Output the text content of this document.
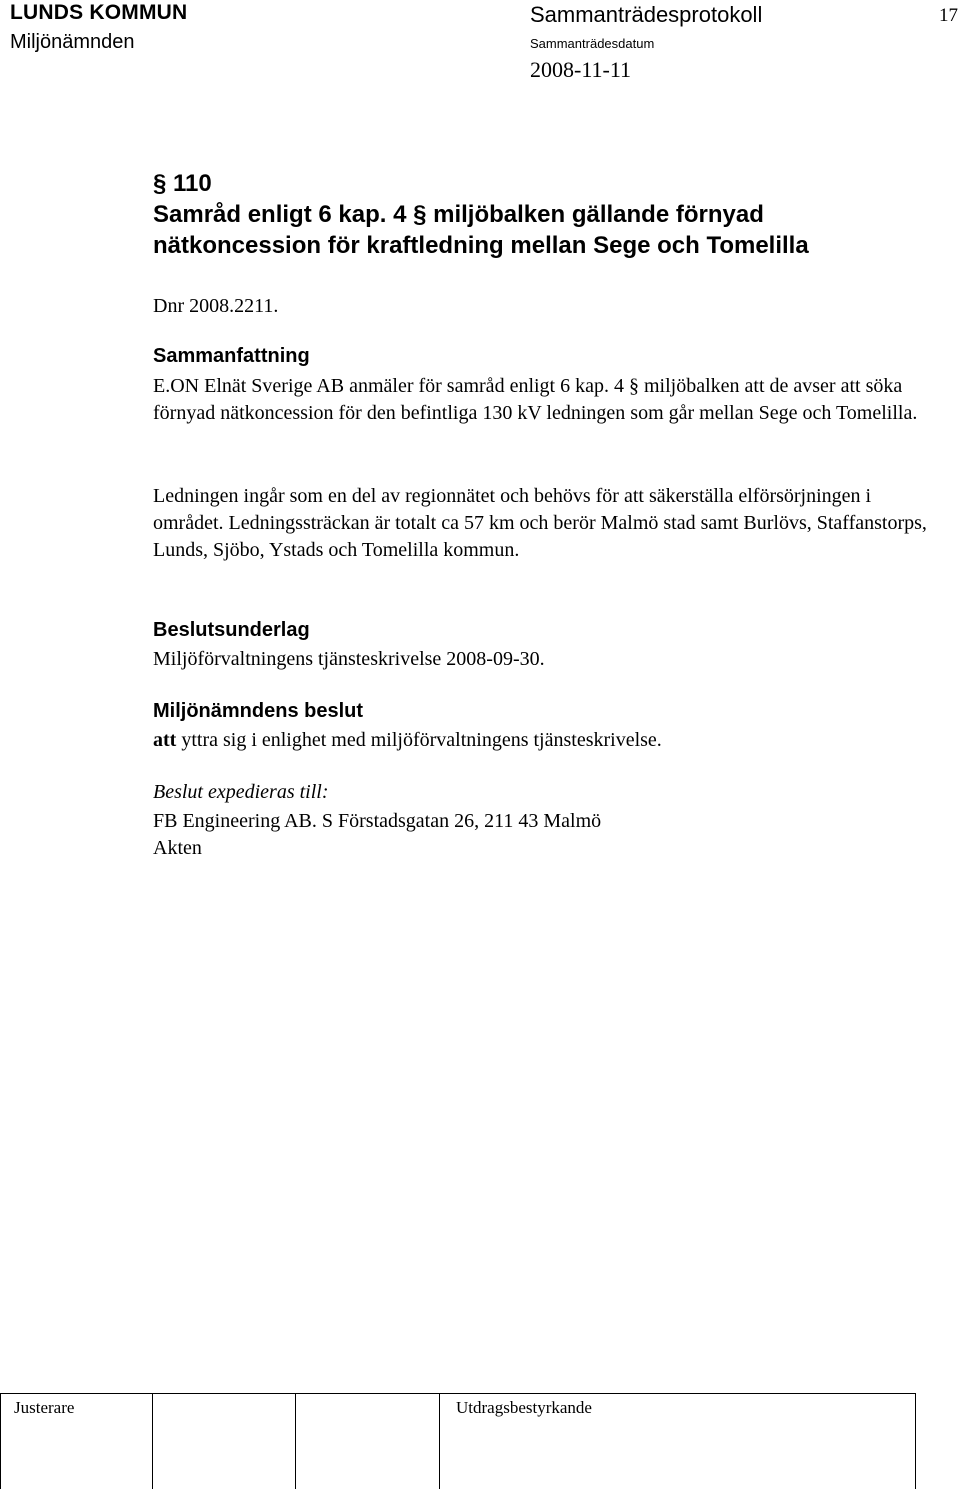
LUNDS KOMMUN
Miljönämnden
Sammanträdesprotokoll	17
Sammanträdesdatum
2008-11-11
§ 110
Samråd enligt 6 kap. 4 § miljöbalken gällande förnyad nätkoncession för kraftledning mellan Sege och Tomelilla
Dnr 2008.2211.
Sammanfattning
E.ON Elnät Sverige AB anmäler för samråd enligt 6 kap. 4 § miljöbalken att de avser att söka förnyad nätkoncession för den befintliga 130 kV ledningen som går mellan Sege och Tomelilla.
Ledningen ingår som en del av regionnätet och behövs för att säkerställa elförsörjningen i området. Ledningssträckan är totalt ca 57 km och berör Malmö stad samt Burlövs, Staffanstorps, Lunds, Sjöbo, Ystads och Tomelilla kommun.
Beslutsunderlag
Miljöförvaltningens tjänsteskrivelse 2008-09-30.
Miljönämndens beslut
att yttra sig i enlighet med miljöförvaltningens tjänsteskrivelse.
Beslut expedieras till:
FB Engineering AB. S Förstadsgatan 26, 211 43 Malmö
Akten
Justerare	Utdragsbestyrkande
